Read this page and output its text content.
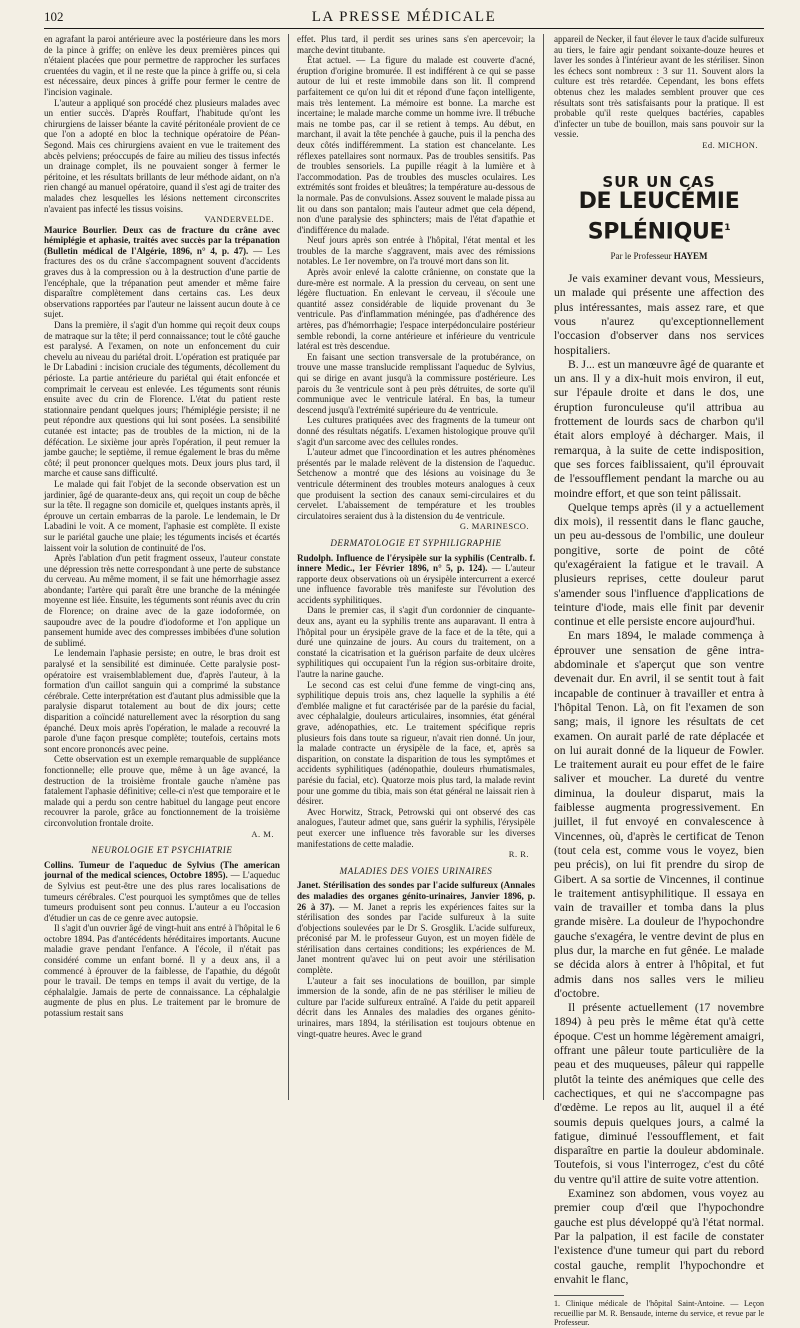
102	LA PRESSE MÉDICALE

en agrafant la paroi antérieure avec la postérieure dans les mors de la pince à griffe; on enlève les deux premières pinces qui n'étaient placées que pour permettre de rapprocher les surfaces cruentées du vagin, et il ne reste que la pince à griffe ou, si cela est nécessaire, deux pinces à griffe pour fermer le centre de l'incision vaginale.

L'auteur a appliqué son procédé chez plusieurs malades avec un entier succès. D'après Rouffart, l'habitude qu'ont les chirurgiens de laisser béante la cavité péritonéale provient de ce que l'on a adopté en bloc la technique opératoire de Péan-Segond. Mais ces chirurgiens avaient en vue le traitement des abcès pelviens; préoccupés de faire au milieu des tissus infectés un drainage complet, ils ne pouvaient songer à fermer le péritoine, et les résultats brillants de leur méthode aidant, on n'a rien changé au manuel opératoire, quand il s'est agi de traiter des malades chez lesquelles les lésions nettement circonscrites n'avaient pas infecté les tissus voisins.

VANDERVELDE.

Maurice Bourlier. Deux cas de fracture du crâne avec hémiplégie et aphasie, traités avec succès par la trépanation (Bulletin médical de l'Algérie, 1896, n° 4, p. 47). — Les fractures des os du crâne s'accompagnent souvent d'accidents graves dus à la compression ou à la destruction d'une partie de l'encéphale, que la trépanation peut amender et même faire disparaître complètement dans certains cas. Les deux observations rapportées par l'auteur ne laissent aucun doute à ce sujet.

Dans la première, il s'agit d'un homme qui reçoit deux coups de matraque sur la tête; il perd connaissance; tout le côté gauche est paralysé. A l'examen, on note un enfoncement du cuir chevelu au niveau du pariétal droit. L'opération est pratiquée par le Dr Labadini : incision cruciale des téguments, décollement du périoste. La partie antérieure du pariétal qui était enfoncée et comprimait le cerveau est enlevée. Les téguments sont réunis ensuite avec du crin de Florence. L'état du patient reste stationnaire pendant quelques jours; l'hémiplégie persiste; il ne peut répondre aux questions qui lui sont posées. La sensibilité cutanée est intacte; pas de troubles de la miction, ni de la défécation. Le sixième jour après l'opération, il peut remuer la jambe gauche; le septième, il remue également le bras du même côté; il peut prononcer quelques mots. Deux jours plus tard, il marche et cause sans difficulté.

Le malade qui fait l'objet de la seconde observation est un jardinier, âgé de quarante-deux ans, qui reçoit un coup de bêche sur la tête. Il regagne son domicile et, quelques instants après, il éprouve un certain embarras de la parole. Le lendemain, le Dr Labadini le voit. A ce moment, l'aphasie est complète. Il existe sur le pariétal gauche une plaie; les téguments incisés et écartés laissent voir la solution de continuité de l'os.

Après l'ablation d'un petit fragment osseux, l'auteur constate une dépression très nette correspondant à une perte de substance du cerveau. Au même moment, il se fait une hémorrhagie assez abondante; l'artère qui paraît être une branche de la méningée moyenne est liée. Ensuite, les téguments sont réunis avec du crin de Florence; on draine avec de la gaze iodoformée, on saupoudre avec de la poudre d'iodoforme et l'on applique un pansement humide avec des compresses imbibées d'une solution de sublimé.

Le lendemain l'aphasie persiste; en outre, le bras droit est paralysé et la sensibilité est diminuée. Cette paralysie post-opératoire est vraisemblablement due, d'après l'auteur, à la formation d'un caillot sanguin qui a comprimé la substance cérébrale. Cette interprétation est d'autant plus admissible que la paralysie disparut totalement au bout de dix jours; cette disparition a coïncidé naturellement avec la résorption du sang épanché. Deux mois après l'opération, le malade a recouvré la parole d'une façon presque complète; toutefois, certains mots sont encore prononcés avec peine.

Cette observation est un exemple remarquable de suppléance fonctionnelle; elle prouve que, même à un âge avancé, la destruction de la troisième frontale gauche n'amène pas fatalement l'aphasie définitive; celle-ci n'est que temporaire et le malade qui a perdu son centre habituel du langage peut encore recouvrer la parole, grâce au fonctionnement de la troisième circonvolution frontale droite.

A. M.
NEUROLOGIE ET PSYCHIATRIE

Collins. Tumeur de l'aqueduc de Sylvius (The american journal of the medical sciences, Octobre 1895). — L'aqueduc de Sylvius est peut-être une des plus rares localisations de tumeurs cérébrales. C'est pourquoi les symptômes que de telles tumeurs produisent sont peu connus. L'auteur a eu l'occasion d'étudier un cas de ce genre avec autopsie.

Il s'agit d'un ouvrier âgé de vingt-huit ans entré à l'hôpital le 6 octobre 1894. Pas d'antécédents héréditaires importants. Aucune maladie grave pendant l'enfance. A l'école, il n'était pas considéré comme un enfant borné. Il y a deux ans, il a commencé à éprouver de la faiblesse, de l'apathie, du dégoût pour le travail. De temps en temps il avait du vertige, de la céphalalgie. Jamais de perte de connaissance. La céphalalgie augmente de plus en plus. Le traitement par le bromure de potassium restait sans

effet. Plus tard, il perdit ses urines sans s'en apercevoir; la marche devint titubante.

État actuel. — La figure du malade est couverte d'acné, éruption d'origine bromurée. Il est indifférent à ce qui se passe autour de lui et reste immobile dans son lit. Il comprend parfaitement ce qu'on lui dit et répond d'une façon intelligente, mais très lentement. La mémoire est bonne. La marche est incertaine; le malade marche comme un homme ivre. Il trébuche mais ne tombe pas, car il se retient à temps. Au début, en marchant, il avait la tête penchée à gauche, puis il la pencha des deux côtés indifféremment. La station est chancelante. Les réflexes patellaires sont normaux. Pas de troubles sensitifs. Pas de troubles sensoriels. La pupille réagit à la lumière et à l'accommodation. Pas de troubles des muscles oculaires. Les extrémités sont froides et bleuâtres; la température au-dessous de la normale. Pas de convulsions. Assez souvent le malade pissa au lit ou dans son pantalon; mais l'auteur admet que cela dépend, non d'une paralysie des sphincters; mais de l'état d'apathie et d'indifférence du malade.

Neuf jours après son entrée à l'hôpital, l'état mental et les troubles de la marche s'aggravent, mais avec des rémissions notables. Le 1er novembre, on l'a trouvé mort dans son lit.

Après avoir enlevé la calotte crânienne, on constate que la dure-mère est normale. A la pression du cerveau, on sent une légère fluctuation. En enlevant le cerveau, il s'écoule une quantité assez considérable de liquide provenant du 3e ventricule. Pas d'inflammation méningée, pas d'adhérence des artères, pas d'hémorrhagie; l'espace interpédonculaire postérieur semble rebondi, la corne antérieure et inférieure du ventricule latéral est très descendue.

En faisant une section transversale de la protubérance, on trouve une masse translucide remplissant l'aqueduc de Sylvius, qui se dirige en avant jusqu'à la commissure postérieure. Les parois du 3e ventricule sont à peu près détruites, de sorte qu'il communique avec le ventricule latéral. En bas, la tumeur descend jusqu'à l'extrémité supérieure du 4e ventricule.

Les cultures pratiquées avec des fragments de la tumeur ont donné des résultats négatifs. L'examen histologique prouve qu'il s'agit d'un sarcome avec des cellules rondes.

L'auteur admet que l'incoordination et les autres phénomènes présentés par le malade relèvent de la distension de l'aqueduc. Setchenow a montré que des lésions au voisinage du 3e ventricule déterminent des troubles moteurs analogues à ceux que produisent la section des canaux semi-circulaires et du cervelet. L'abaissement de température et les troubles circulatoires seraient dus à la distension du 4e ventricule.

G. MARINESCO.
DERMATOLOGIE ET SYPHILIGRAPHIE

Rudolph. Influence de l'érysipèle sur la syphilis (Centralb. f. innere Medic., 1er Février 1896, n° 5, p. 124). — L'auteur rapporte deux observations où un érysipèle intercurrent a exercé une influence favorable très manifeste sur l'évolution des accidents syphilitiques.

Dans le premier cas, il s'agit d'un cordonnier de cinquante-deux ans, ayant eu la syphilis trente ans auparavant. Il entra à l'hôpital pour un érysipèle grave de la face et de la tête, qui a duré une quinzaine de jours. Au cours du traitement, on a constaté la cicatrisation et la guérison parfaite de deux ulcères syphilitiques qui occupaient l'un la région sus-orbitaire droite, l'autre la narine gauche.

Le second cas est celui d'une femme de vingt-cinq ans, syphilitique depuis trois ans, chez laquelle la syphilis a été d'emblée maligne et fut caractérisée par de la parésie du facial, avec céphalalgie, douleurs articulaires, insomnies, état général grave, adénopathies, etc. Le traitement spécifique repris plusieurs fois dans toute sa rigueur, n'avait rien donné. Un jour, la malade contracte un érysipèle de la face, et, après sa disparition, on constate la disparition de tous les symptômes et accidents syphilitiques (adénopathie, douleurs rhumatismales, parésie du facial, etc). Quatorze mois plus tard, la malade revint pour une gomme du tibia, mais son état général ne laissait rien à désirer.

Avec Horwitz, Strack, Petrowski qui ont observé des cas analogues, l'auteur admet que, sans guérir la syphilis, l'érysipèle peut exercer une influence très favorable sur les diverses manifestations de cette maladie.

R. R.
MALADIES DES VOIES URINAIRES

Janet. Stérilisation des sondes par l'acide sulfureux (Annales des maladies des organes génito-urinaires, Janvier 1896, p. 26 à 37). — M. Janet a repris les expériences faites sur la stérilisation des sondes par l'acide sulfureux à la suite d'objections soulevées par le Dr S. Grosglik. L'acide sulfureux, préconisé par M. le professeur Guyon, est un moyen fidèle de stérilisation dans certaines conditions; les expériences de M. Janet montrent qu'avec lui on peut avoir une stérilisation complète.

L'auteur a fait ses inoculations de bouillon, par simple immersion de la sonde, afin de ne pas stériliser le milieu de culture par l'acide sulfureux entraîné. A l'aide du petit appareil décrit dans les Annales des maladies des organes génito-urinaires, mars 1894, la stérilisation est toujours obtenue en vingt-quatre heures. Avec le grand

appareil de Necker, il faut élever le taux d'acide sulfureux au tiers, le faire agir pendant soixante-douze heures et laver les sondes à l'intérieur avant de les stériliser. Sinon les échecs sont nombreux : 3 sur 11. Souvent alors la culture est très retardée. Cependant, les bons effets obtenus chez les malades semblent prouver que ces résultats sont très satisfaisants pour la pratique. Il est probable qu'il reste quelques bactéries, capables d'infecter un tube de bouillon, mais sans pouvoir sur la vessie.

Ed. MICHON.
SUR UN CAS
DE LEUCÉMIE SPLÉNIQUE$^1$
Par le Professeur HAYEM

Je vais examiner devant vous, Messieurs, un malade qui présente une affection des plus intéressantes, mais assez rare, et que vous n'aurez qu'exceptionnellement l'occasion d'observer dans nos services hospitaliers.

B. J... est un manœuvre âgé de quarante et un ans. Il y a dix-huit mois environ, il eut, sur l'épaule droite et dans le dos, une éruption furonculeuse qu'il attribua au frottement de lourds sacs de charbon qu'il était alors employé à décharger. Mais, il remarqua, à la suite de cette indisposition, que ses forces faiblissaient, qu'il éprouvait de l'essoufflement pendant la marche ou au moindre effort, et que son teint pâlissait.

Quelque temps après (il y a actuellement dix mois), il ressentit dans le flanc gauche, un peu au-dessous de l'ombilic, une douleur pongitive, sorte de point de côté qu'exagéraient la fatigue et le travail. A plusieurs reprises, cette douleur parut s'amender sous l'influence d'applications de teinture d'iode, mais elle finit par devenir continue et elle persiste encore aujourd'hui.

En mars 1894, le malade commença à éprouver une sensation de gêne intra-abdominale et s'aperçut que son ventre devenait dur. En avril, il se sentit tout à fait incapable de continuer à travailler et entra à l'hôpital Tenon. Là, on fit l'examen de son sang; mais, il ignore les résultats de cet examen. On aurait parlé de rate déplacée et on lui aurait donné de la liqueur de Fowler. Le traitement aurait eu pour effet de le faire saliver et moucher. La dureté du ventre diminua, la douleur disparut, mais la faiblesse augmenta progressivement. En juillet, il fut envoyé en convalescence à Vincennes, où, d'après le certificat de Tenon (tout cela est, comme vous le voyez, bien peu précis), on lui fit prendre du sirop de Gibert. A sa sortie de Vincennes, il continue le traitement antisyphilitique. Il essaya en vain de travailler et tomba dans la plus grande misère. La douleur de l'hypochondre gauche s'exagéra, le ventre devint de plus en plus dur, la marche en fut gênée. Le malade se décida alors à entrer à l'hôpital, et fut admis dans nos salles vers le milieu d'octobre.

Il présente actuellement (17 novembre 1894) à peu près le même état qu'à cette époque. C'est un homme légèrement amaigri, offrant une pâleur toute particulière de la peau et des muqueuses, pâleur qui rappelle plutôt la teinte des anémiques que celle des cachectiques, et qui ne s'accompagne pas d'œdème. Le repos au lit, auquel il a été soumis depuis quelques jours, a calmé la fatigue, diminué l'essoufflement, et fait disparaître en partie la douleur abdominale. Toutefois, si vous l'interrogez, c'est du côté du ventre qu'il attire de suite votre attention.

Examinez son abdomen, vous voyez au premier coup d'œil que l'hypochondre gauche est plus développé qu'à l'état normal. Par la palpation, il est facile de constater l'existence d'une tumeur qui part du rebord costal gauche, remplit l'hypochondre et envahit le flanc,

1. Clinique médicale de l'hôpital Saint-Antoine. — Leçon recueillie par M. R. Bensaude, interne du service, et revue par le Professeur.
